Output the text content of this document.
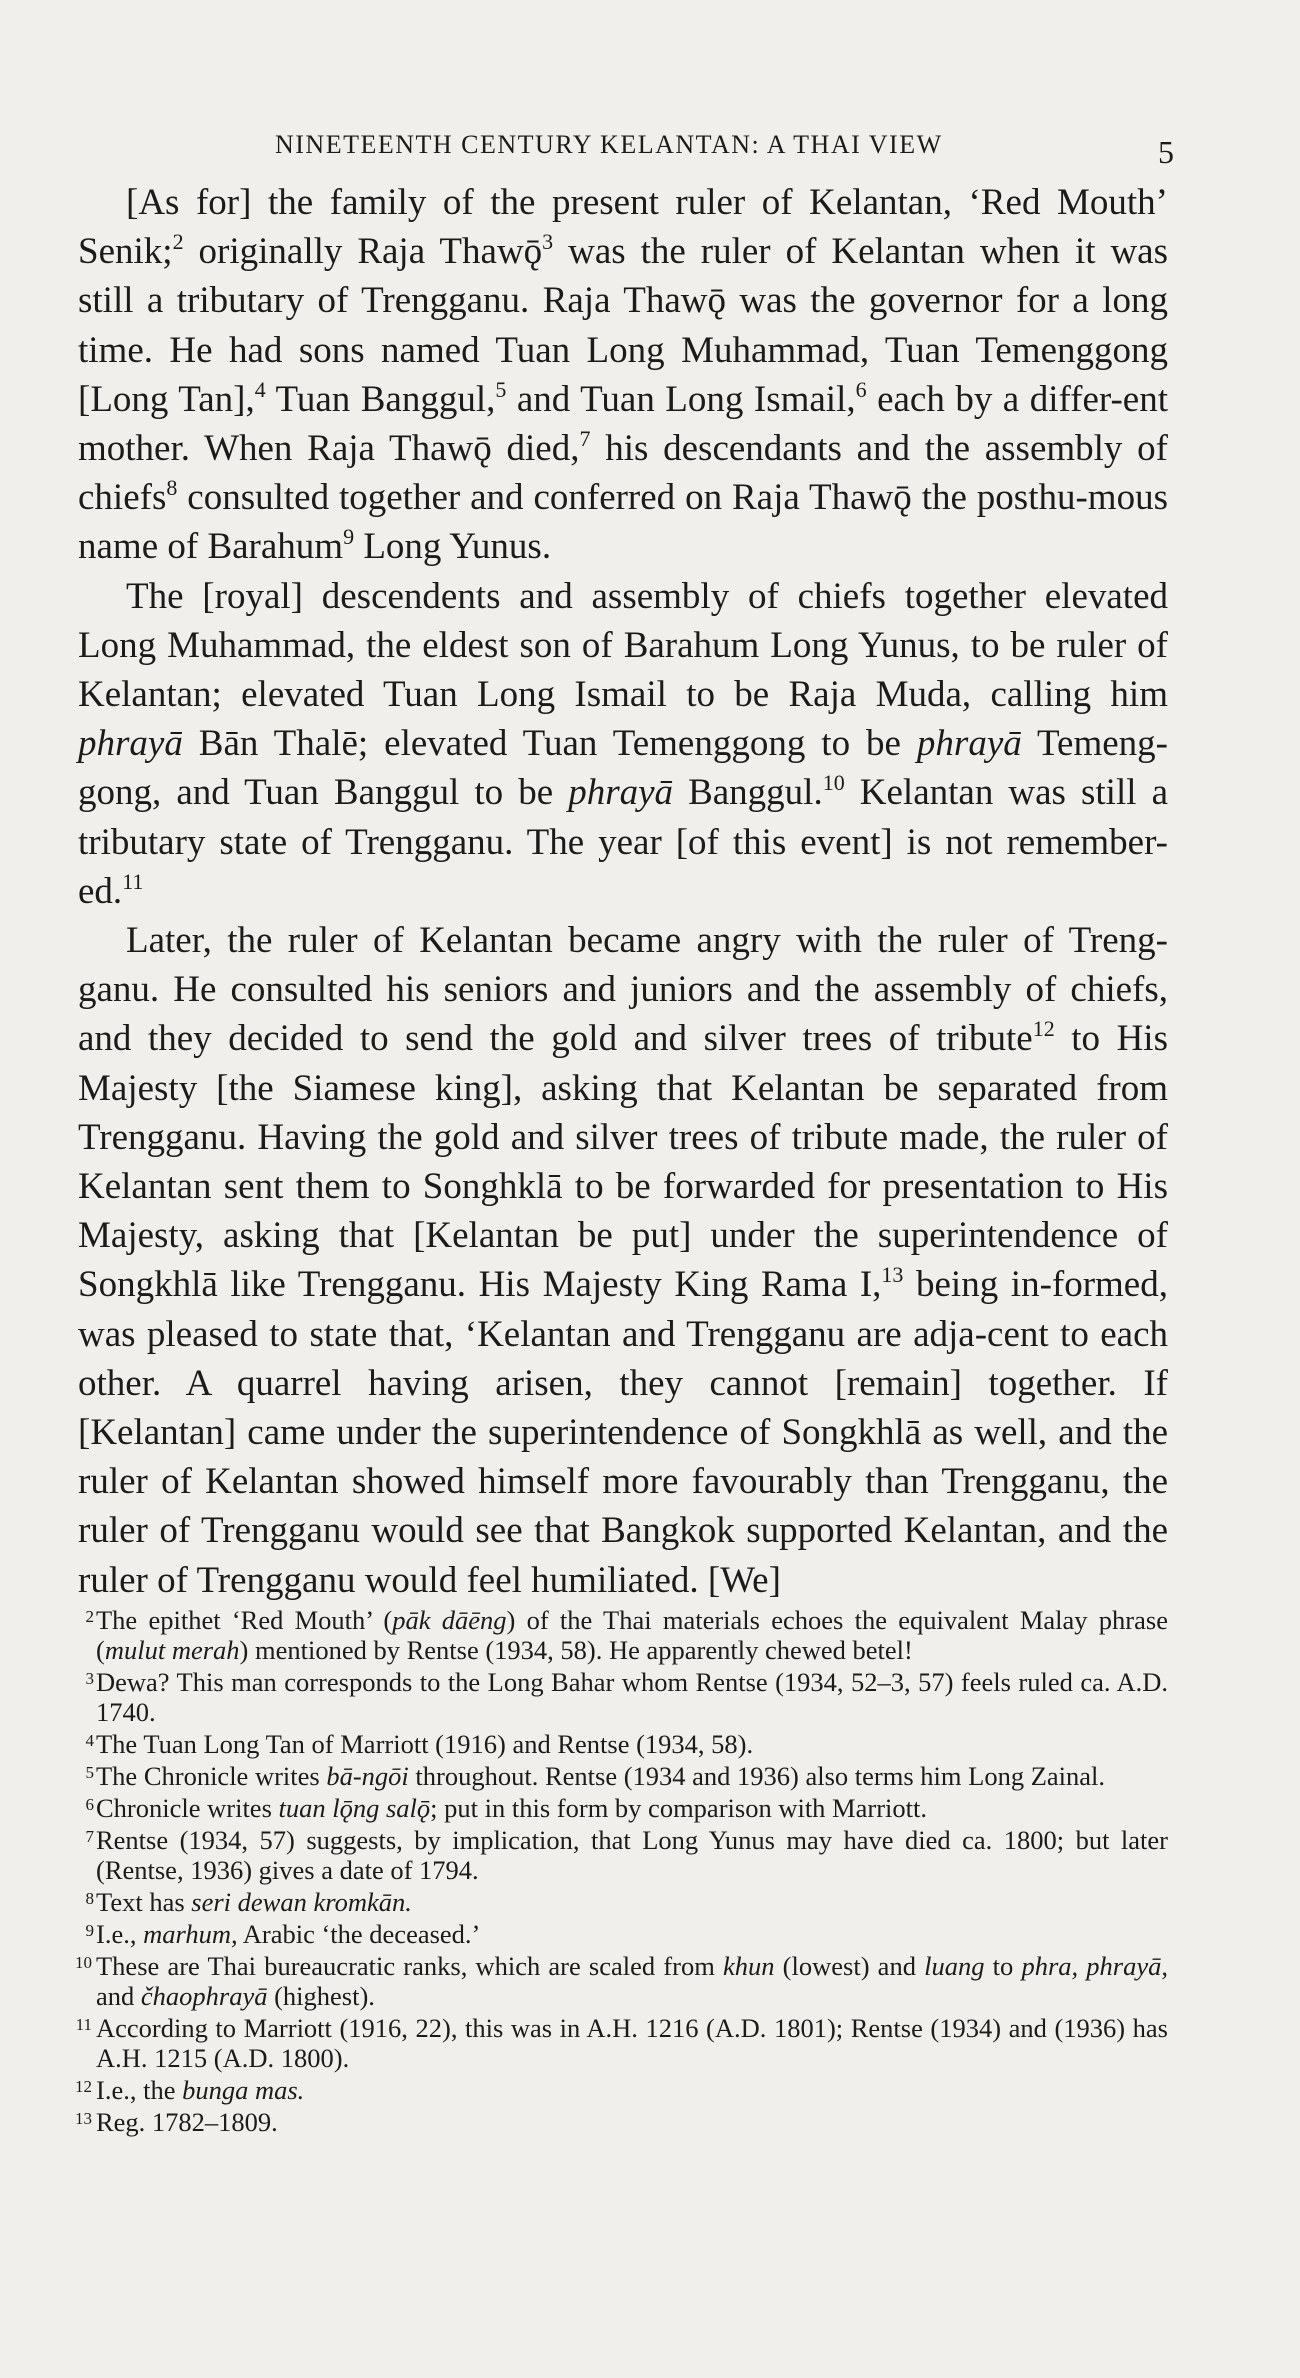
NINETEENTH CENTURY KELANTAN: A THAI VIEW	5

[As for] the family of the present ruler of Kelantan, ‘Red Mouth’ Senik;$^2$ originally Raja Thawǭ$^3$ was the ruler of Kelantan when it was still a tributary of Trengganu. Raja Thawǭ was the governor for a long time. He had sons named Tuan Long Muhammad, Tuan Temenggong [Long Tan],$^4$ Tuan Banggul,$^5$ and Tuan Long Ismail,$^6$ each by a differ-ent mother. When Raja Thawǭ died,$^7$ his descendants and the assembly of chiefs$^8$ consulted together and conferred on Raja Thawǭ the posthu-mous name of Barahum$^9$ Long Yunus.

The [royal] descendents and assembly of chiefs together elevated Long Muhammad, the eldest son of Barahum Long Yunus, to be ruler of Kelantan; elevated Tuan Long Ismail to be Raja Muda, calling him phrayā Bān Thalē; elevated Tuan Temenggong to be phrayā Temeng-gong, and Tuan Banggul to be phrayā Banggul.$^{10}$ Kelantan was still a tributary state of Trengganu. The year [of this event] is not remember-ed.$^{11}$

Later, the ruler of Kelantan became angry with the ruler of Treng-ganu. He consulted his seniors and juniors and the assembly of chiefs, and they decided to send the gold and silver trees of tribute$^{12}$ to His Majesty [the Siamese king], asking that Kelantan be separated from Trengganu. Having the gold and silver trees of tribute made, the ruler of Kelantan sent them to Songhklā to be forwarded for presentation to His Majesty, asking that [Kelantan be put] under the superintendence of Songkhlā like Trengganu. His Majesty King Rama I,$^{13}$ being in-formed, was pleased to state that, ‘Kelantan and Trengganu are adja-cent to each other. A quarrel having arisen, they cannot [remain] together. If [Kelantan] came under the superintendence of Songkhlā as well, and the ruler of Kelantan showed himself more favourably than Trengganu, the ruler of Trengganu would see that Bangkok supported Kelantan, and the ruler of Trengganu would feel humiliated. [We]

2 The epithet ‘Red Mouth’ (pāk dāēng) of the Thai materials echoes the equivalent Malay phrase (mulut merah) mentioned by Rentse (1934, 58). He apparently chewed betel!
3 Dewa? This man corresponds to the Long Bahar whom Rentse (1934, 52–3, 57) feels ruled ca. A.D. 1740.
4 The Tuan Long Tan of Marriott (1916) and Rentse (1934, 58).
5 The Chronicle writes bā-ngōi throughout. Rentse (1934 and 1936) also terms him Long Zainal.
6 Chronicle writes tuan lǭng salǭ; put in this form by comparison with Marriott.
7 Rentse (1934, 57) suggests, by implication, that Long Yunus may have died ca. 1800; but later (Rentse, 1936) gives a date of 1794.
8 Text has seri dewan kromkān.
9 I.e., marhum, Arabic ‘the deceased.’
10 These are Thai bureaucratic ranks, which are scaled from khun (lowest) and luang to phra, phrayā, and čhaophrayā (highest).
11 According to Marriott (1916, 22), this was in A.H. 1216 (A.D. 1801); Rentse (1934) and (1936) has A.H. 1215 (A.D. 1800).
12 I.e., the bunga mas.
13 Reg. 1782–1809.
